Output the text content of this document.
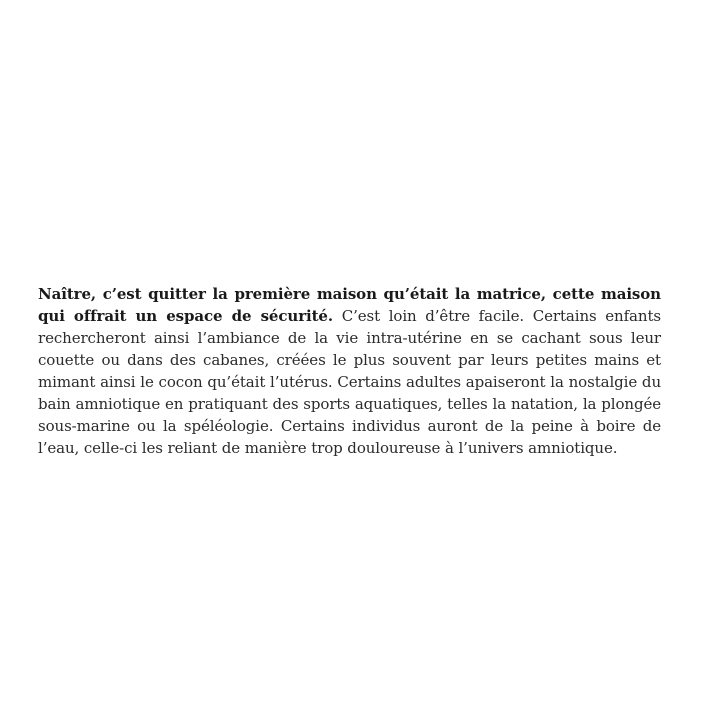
Naître, c’est quitter la première maison qu’était la matrice, cette maison qui offrait un espace de sécurité. C’est loin d’être facile. Certains enfants rechercheront ainsi l’ambiance de la vie intra-utérine en se cachant sous leur couette ou dans des cabanes, créées le plus souvent par leurs petites mains et mimant ainsi le cocon qu’était l’utérus. Certains adultes apaiseront la nostalgie du bain amniotique en pratiquant des sports aquatiques, telles la natation, la plongée sous-marine ou la spéléologie. Certains individus auront de la peine à boire de l’eau, celle-ci les reliant de manière trop douloureuse à l’univers amniotique.
